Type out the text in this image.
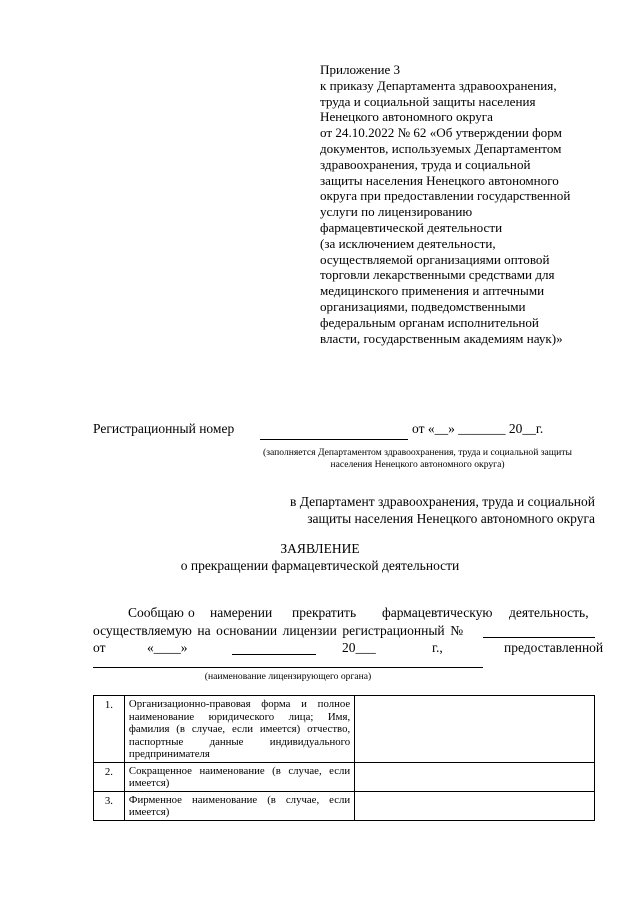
Приложение 3
к приказу Департамента здравоохранения,
труда и социальной защиты населения
Ненецкого автономного округа
от 24.10.2022 № 62 «Об утверждении форм
документов, используемых Департаментом
здравоохранения, труда и социальной
защиты населения Ненецкого автономного
округа при предоставлении государственной
услуги по лицензированию
фармацевтической деятельности
(за исключением деятельности,
осуществляемой организациями оптовой
торговли лекарственными средствами для
медицинского применения и аптечными
организациями, подведомственными
федеральным органам исполнительной
власти, государственным академиям наук)»
Регистрационный номер	от «__» _______ 20__г.
(заполняется Департаментом здравоохранения, труда и социальной защиты населения Ненецкого автономного округа)
в Департамент здравоохранения, труда и социальной
защиты населения Ненецкого автономного округа
ЗАЯВЛЕНИЕ
о прекращении фармацевтической деятельности
Сообщаю о намерении прекратить фармацевтическую деятельность,
осуществляемую на основании лицензии регистрационный №
от	«____»	20___	г.,	предоставленной
(наименование лицензирующего органа)
1.	Организационно-правовая форма и полное наименование юридического лица; Имя, фамилия (в случае, если имеется) отчество, паспортные данные индивидуального предпринимателя	
2.	Сокращенное наименование (в случае, если имеется)	
3.	Фирменное наименование (в случае, если имеется)	
